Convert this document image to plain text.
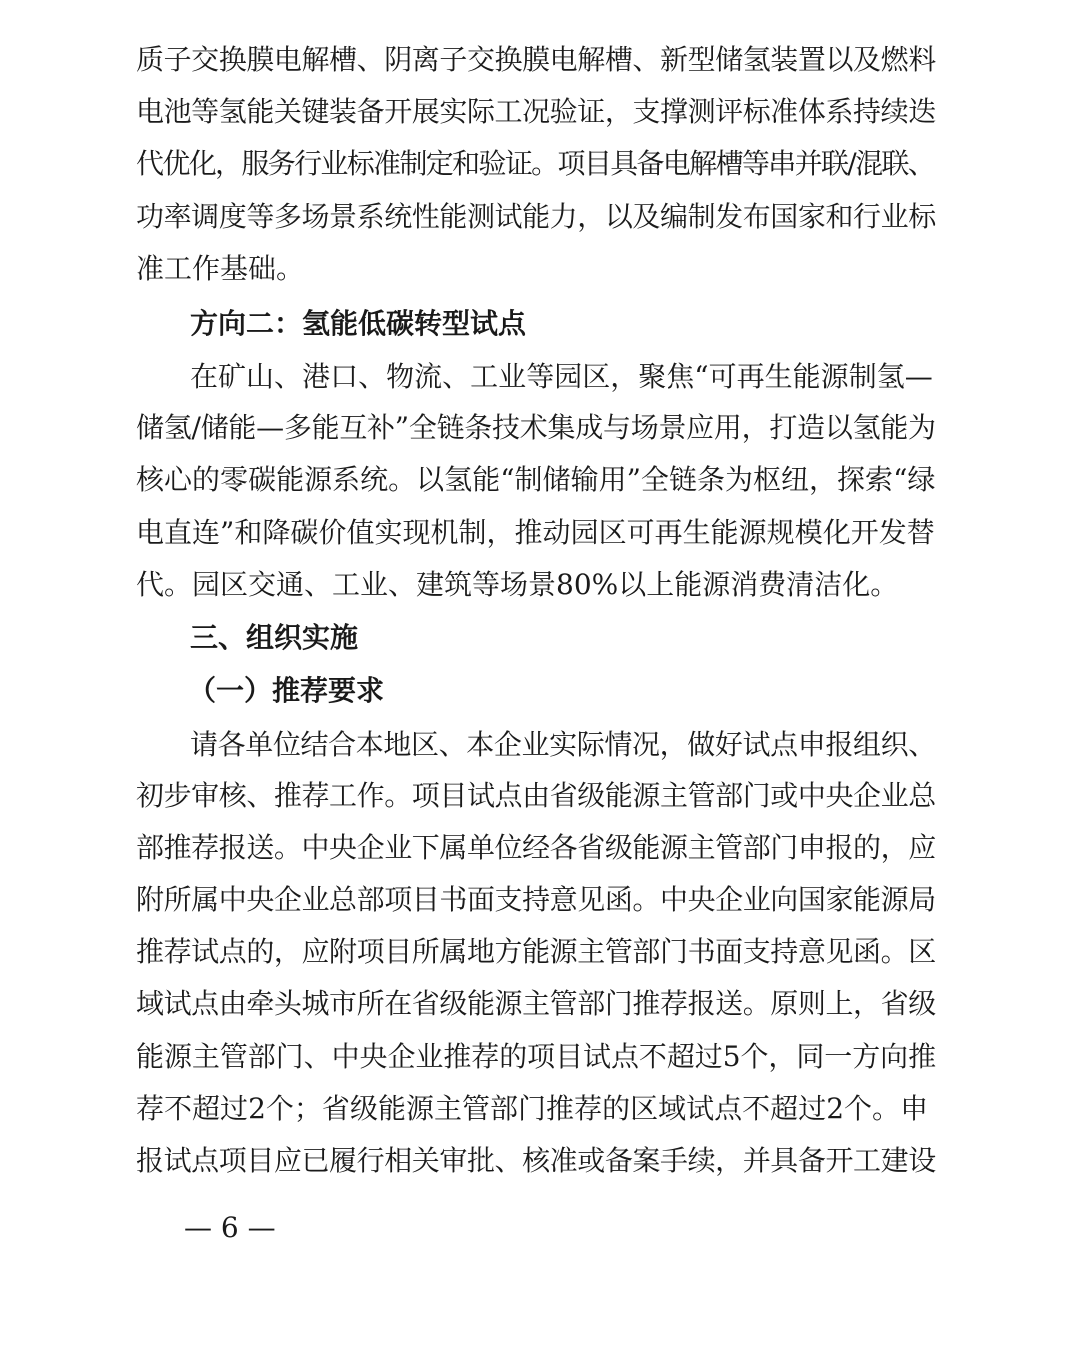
质子交换膜电解槽、阴离子交换膜电解槽、新型储氢装置以及燃料
电池等氢能关键装备开展实际工况验证，支撑测评标准体系持续迭
代优化，服务行业标准制定和验证。项目具备电解槽等串并联/混联、
功率调度等多场景系统性能测试能力，以及编制发布国家和行业标
准工作基础。
方向二：氢能低碳转型试点
在矿山、港口、物流、工业等园区，聚焦“可再生能源制氢—
储氢/储能—多能互补”全链条技术集成与场景应用，打造以氢能为
核心的零碳能源系统。以氢能“制储输用”全链条为枢纽，探索“绿
电直连”和降碳价值实现机制，推动园区可再生能源规模化开发替
代。园区交通、工业、建筑等场景80%以上能源消费清洁化。
三、组织实施
（一）推荐要求
请各单位结合本地区、本企业实际情况，做好试点申报组织、
初步审核、推荐工作。项目试点由省级能源主管部门或中央企业总
部推荐报送。中央企业下属单位经各省级能源主管部门申报的，应
附所属中央企业总部项目书面支持意见函。中央企业向国家能源局
推荐试点的，应附项目所属地方能源主管部门书面支持意见函。区
域试点由牵头城市所在省级能源主管部门推荐报送。原则上，省级
能源主管部门、中央企业推荐的项目试点不超过5个，同一方向推
荐不超过2个；省级能源主管部门推荐的区域试点不超过2个。申
报试点项目应已履行相关审批、核准或备案手续，并具备开工建设
— 6 —
